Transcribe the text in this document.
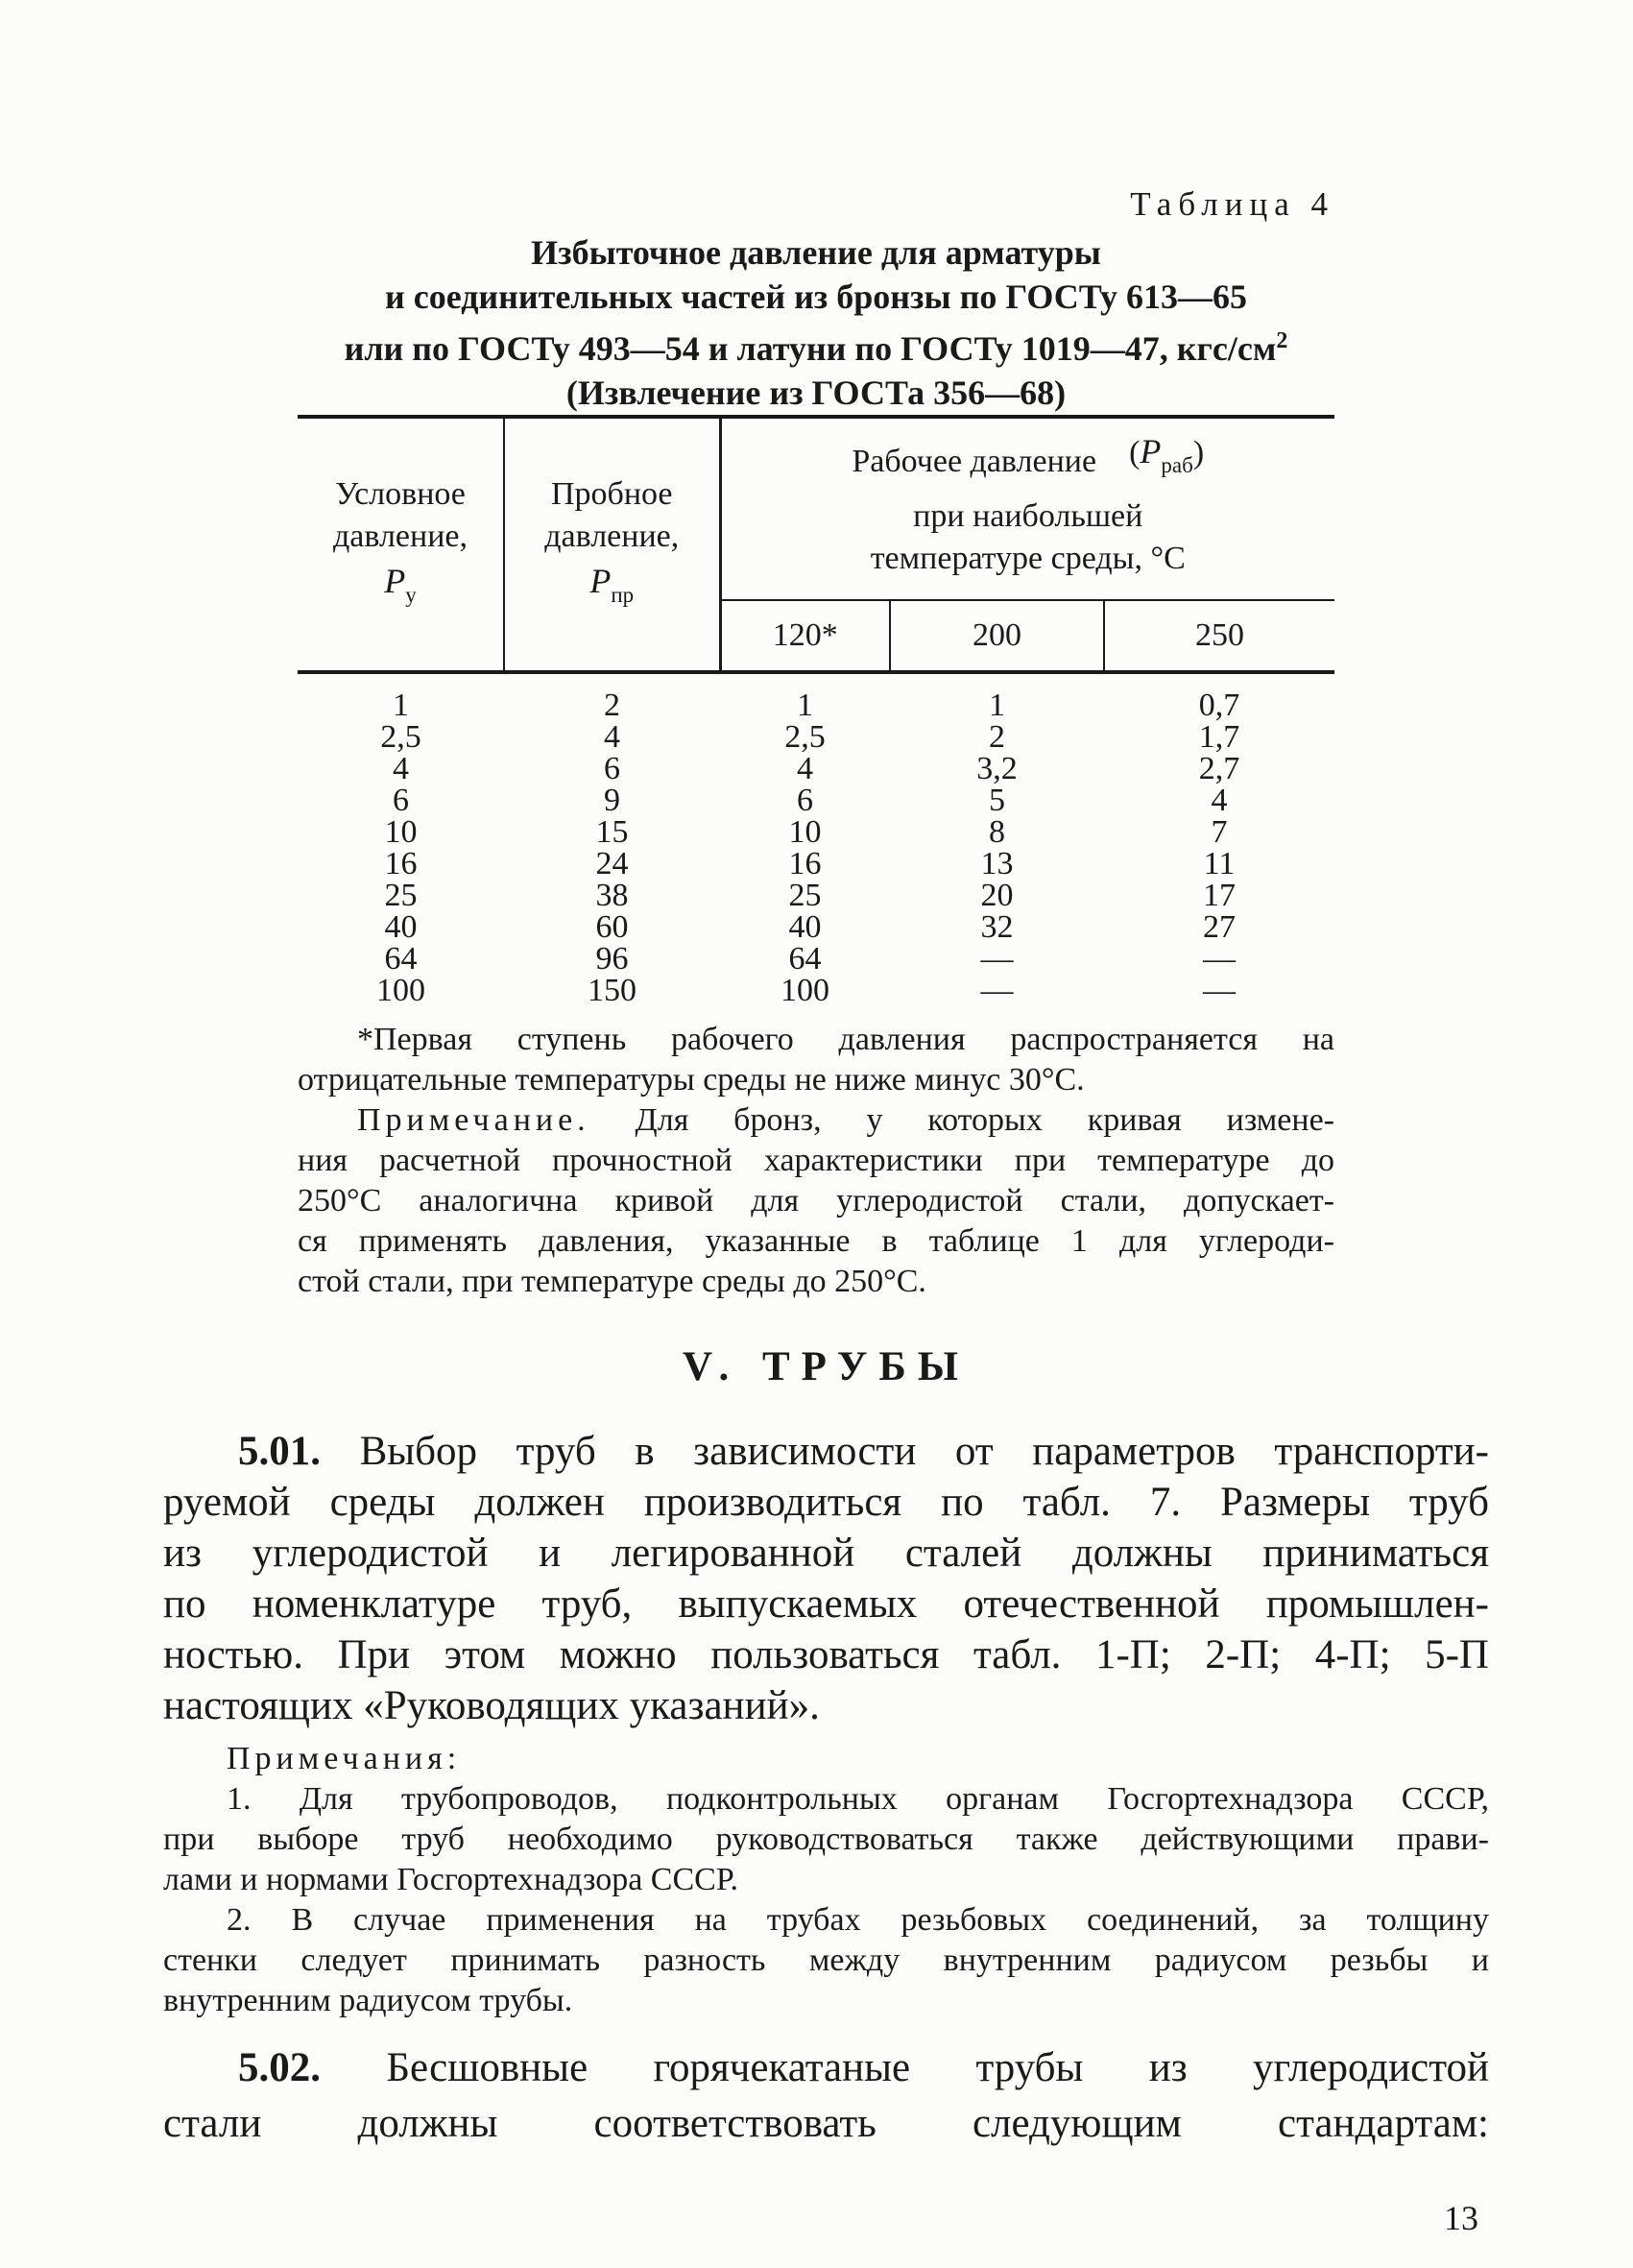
Таблица 4
Избыточное давление для арматуры
и соединительных частей из бронзы по ГОСТу 613—65
или по ГОСТу 493—54 и латуни по ГОСТу 1019—47, кгс/$см^2$
(Извлечение из ГОСТа 356—68)
Условное
давление,
$P_у$

Пробное
давление,
$P_{пр}$

Рабочее давление $(P_{раб})$
при наибольшей
температуре среды, °С

		120*	200	250
1	2	1	1	0,7
2,5	4	2,5	2	1,7
4	6	4	3,2	2,7
6	9	6	5	4
10	15	10	8	7
16	24	16	13	11
25	38	25	20	17
40	60	40	32	27
64	96	64	—	—
100	150	100	—	—
*Первая ступень рабочего давления распространяется на
отрицательные температуры среды не ниже минус 30°С.
Примечание. Для бронз, у которых кривая измене-
ния расчетной прочностной характеристики при температуре до
250°С аналогична кривой для углеродистой стали, допускает-
ся применять давления, указанные в таблице 1 для углероди-
стой стали, при температуре среды до 250°С.
V. ТРУБЫ
5.01. Выбор труб в зависимости от параметров транспорти-
руемой среды должен производиться по табл. 7. Размеры труб
из углеродистой и легированной сталей должны приниматься
по номенклатуре труб, выпускаемых отечественной промышлен-
ностью. При этом можно пользоваться табл. 1-П; 2-П; 4-П; 5-П
настоящих «Руководящих указаний».
Примечания:
1. Для трубопроводов, подконтрольных органам Госгортехнадзора СССР,
при выборе труб необходимо руководствоваться также действующими прави-
лами и нормами Госгортехнадзора СССР.
2. В случае применения на трубах резьбовых соединений, за толщину
стенки следует принимать разность между внутренним радиусом резьбы и
внутренним радиусом трубы.
5.02. Бесшовные горячекатаные трубы из углеродистой
стали должны соответствовать следующим стандартам:
13
